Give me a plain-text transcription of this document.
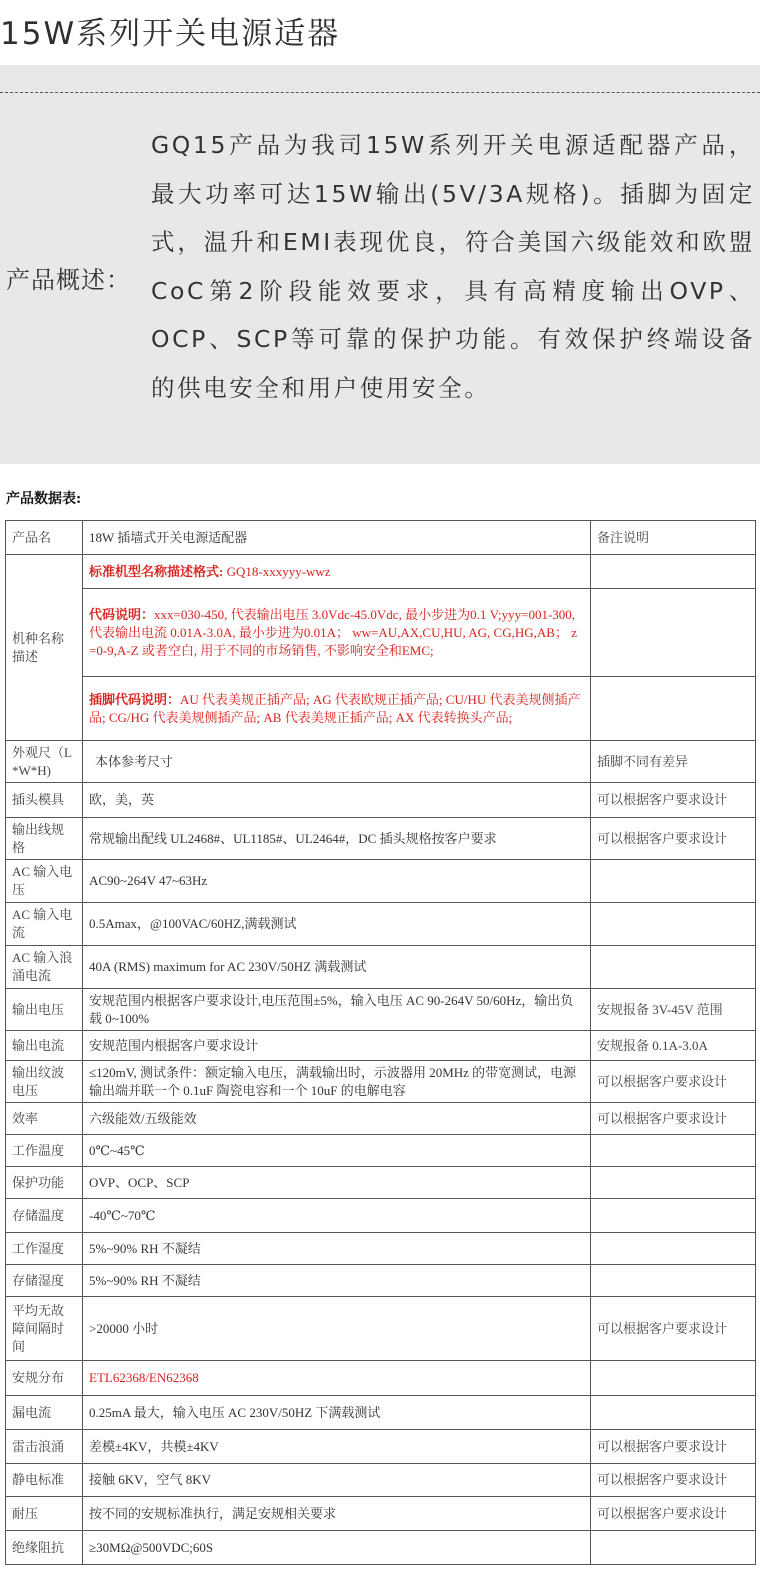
15W系列开关电源适器
产品概述：
GQ15产品为我司15W系列开关电源适配器产品，最大功率可达15W输出(5V/3A规格)。插脚为固定式，温升和EMI表现优良，符合美国六级能效和欧盟CoC第2阶段能效要求，具有高精度输出OVP、OCP、SCP等可靠的保护功能。有效保护终端设备的供电安全和用户使用安全。
产品数据表:
产品名	18W 插墙式开关电源适配器	备注说明
机种名称描述	标准机型名称描述格式: GQ18-xxxyyy-wwz	
	代码说明：xxx=030-450, 代表输出电压 3.0Vdc-45.0Vdc, 最小步进为0.1 V;yyy=001-300, 代表输出电流 0.01A-3.0A, 最小步进为0.01A； ww=AU,AX,CU,HU, AG, CG,HG,AB； z=0-9,A-Z 或者空白, 用于不同的市场销售, 不影响安全和EMC;	
	插脚代码说明：AU 代表美规正插产品; AG 代表欧规正插产品; CU/HU 代表美规侧插产品; CG/HG 代表美规侧插产品; AB 代表美规正插产品; AX 代表转换头产品;	
外观尺（L*W*H)	本体参考尺寸	插脚不同有差异
插头模具	欧，美，英	可以根据客户要求设计
输出线规格	常规输出配线 UL2468#、UL1185#、UL2464#，DC 插头规格按客户要求	可以根据客户要求设计
AC 输入电压	AC90~264V 47~63Hz	
AC 输入电流	0.5Amax，@100VAC/60HZ,满载测试	
AC 输入浪涌电流	40A (RMS) maximum for AC 230V/50HZ 满载测试	
输出电压	安规范围内根据客户要求设计,电压范围±5%，输入电压 AC 90-264V 50/60Hz，输出负载 0~100%	安规报备 3V-45V 范围
输出电流	安规范围内根据客户要求设计	安规报备 0.1A-3.0A
输出纹波电压	≤120mV, 测试条件：额定输入电压，满载输出时，示波器用 20MHz 的带宽测试，电源输出端并联一个 0.1uF 陶瓷电容和一个 10uF 的电解电容	可以根据客户要求设计
效率	六级能效/五级能效	可以根据客户要求设计
工作温度	0℃~45℃	
保护功能	OVP、OCP、SCP	
存储温度	-40℃~70℃	
工作湿度	5%~90% RH 不凝结	
存储湿度	5%~90% RH 不凝结	
平均无故障间隔时间	>20000 小时	可以根据客户要求设计
安规分布	ETL62368/EN62368	
漏电流	0.25mA 最大，输入电压 AC 230V/50HZ 下满载测试	
雷击浪涌	差模±4KV，共模±4KV	可以根据客户要求设计
静电标准	接触 6KV，空气 8KV	可以根据客户要求设计
耐压	按不同的安规标准执行，满足安规相关要求	可以根据客户要求设计
绝缘阻抗	≥30MΩ@500VDC;60S	
